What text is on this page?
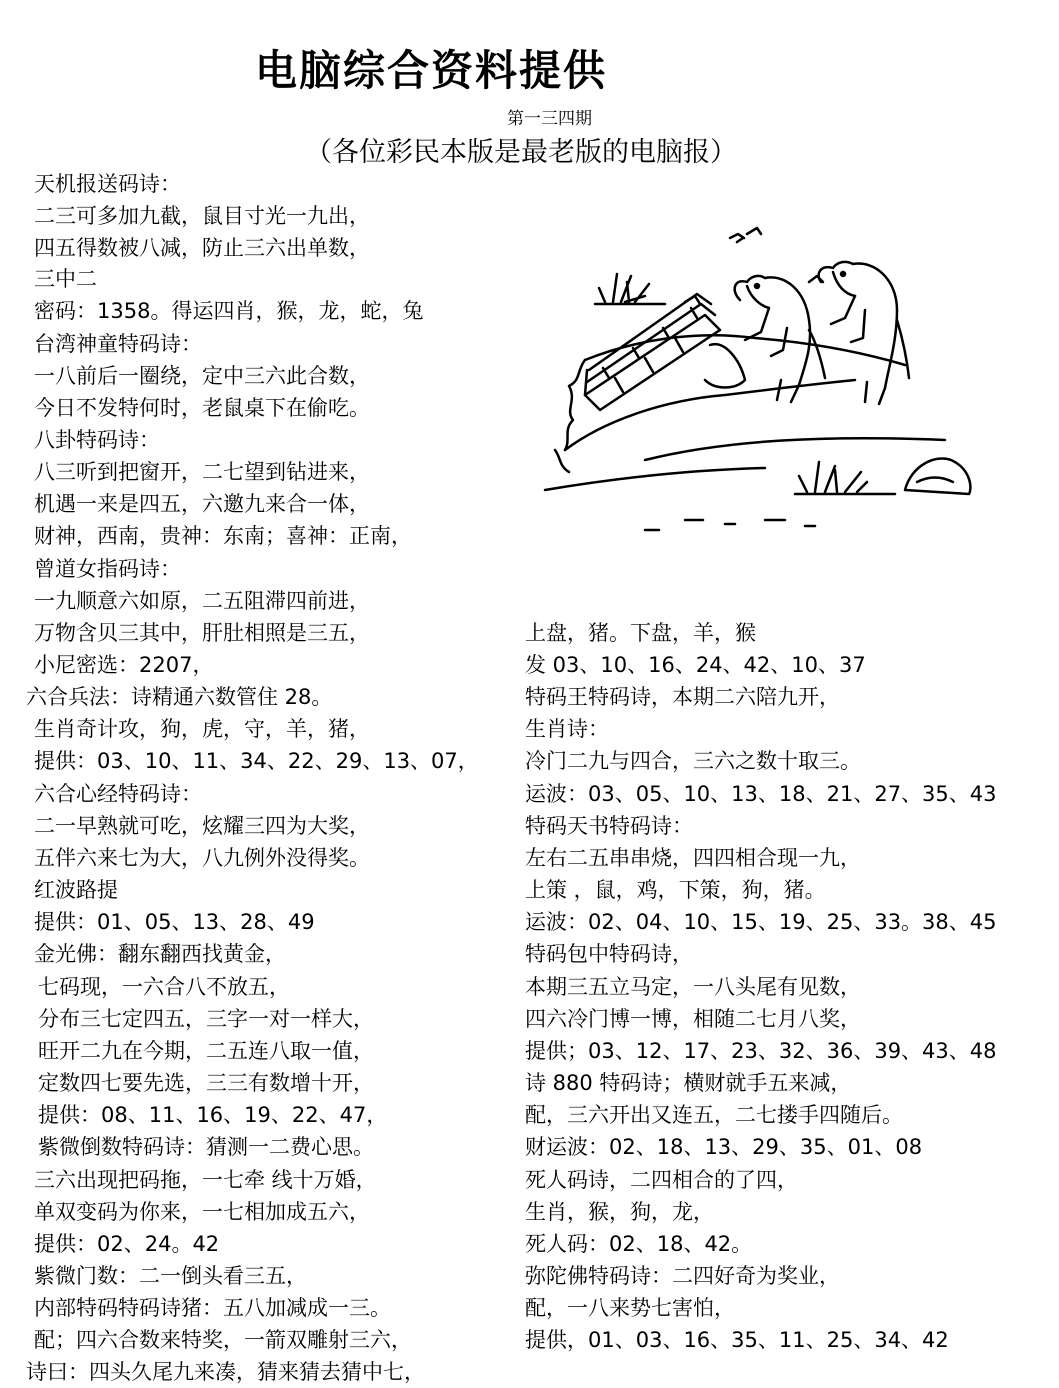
电脑综合资料提供
第一三四期
（各位彩民本版是最老版的电脑报）
天机报送码诗：
二三可多加九截，鼠目寸光一九出，
四五得数被八减，防止三六出单数，
三中二
密码：1358。得运四肖，猴，龙，蛇，兔
台湾神童特码诗：
一八前后一圈绕，定中三六此合数，
今日不发特何时，老鼠桌下在偷吃。
八卦特码诗：
八三听到把窗开，二七望到钻进来，
机遇一来是四五，六邀九来合一体，
财神，西南，贵神：东南；喜神：正南，
曾道女指码诗：
一九顺意六如原，二五阻滞四前进，
万物含贝三其中，肝肚相照是三五，
小尼密选：2207，
六合兵法：诗精通六数管住 28。
生肖奇计攻，狗，虎，守，羊，猪，
提供：03、10、11、34、22、29、13、07，
六合心经特码诗：
二一早熟就可吃，炫耀三四为大奖，
五伴六来七为大，八九例外没得奖。
红波路提
提供：01、05、13、28、49
金光佛：翻东翻西找黄金，
七码现，一六合八不放五，
分布三七定四五，三字一对一样大，
旺开二九在今期，二五连八取一值，
定数四七要先选，三三有数增十开，
提供：08、11、16、19、22、47，
紫微倒数特码诗：猜测一二费心思。
三六出现把码拖，一七牵 线十万婚，
单双变码为你来，一七相加成五六，
提供：02、24。42
紫微门数：二一倒头看三五，
内部特码特码诗猪：五八加减成一三。
配；四六合数来特奖，一箭双雕射三六，
诗曰：四头久尾九来凑，猜来猜去猜中七，
上盘，猪。下盘，羊，猴
发 03、10、16、24、42、10、37
特码王特码诗，本期二六陪九开，
生肖诗：
冷门二九与四合，三六之数十取三。
运波：03、05、10、13、18、21、27、35、43
特码天书特码诗：
左右二五串串烧，四四相合现一九，
上策 ，鼠，鸡，下策，狗，猪。
运波：02、04、10、15、19、25、33。38、45
特码包中特码诗，
本期三五立马定，一八头尾有见数，
四六冷门博一博，相随二七月八奖，
提供；03、12、17、23、32、36、39、43、48
诗 880 特码诗；横财就手五来减，
配，三六开出又连五，二七搂手四随后。
财运波：02、18、13、29、35、01、08
死人码诗，二四相合的了四，
生肖，猴，狗，龙，
死人码：02、18、42。
弥陀佛特码诗：二四好奇为奖业，
配，一八来势七害怕，
提供，01、03、16、35、11、25、34、42
